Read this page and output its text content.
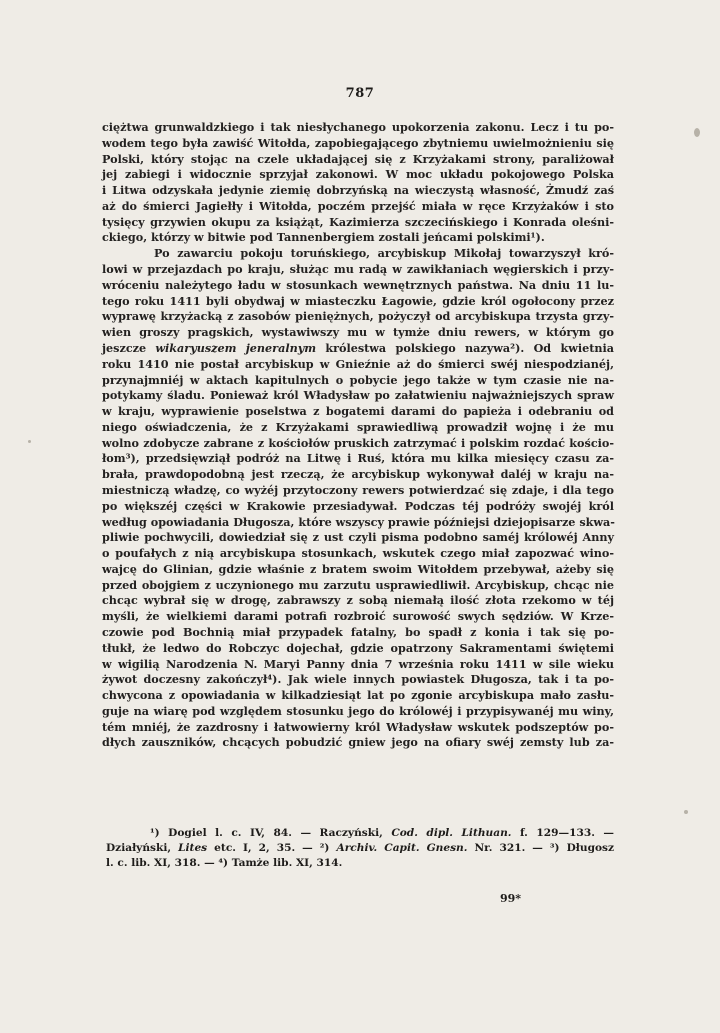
787
ciężtwa grunwaldzkiego i tak niesłychanego upokorzenia zakonu. Lecz i tu po-
wodem tego była zawiść Witołda, zapobiegającego zbytniemu uwielmożnieniu się
Polski, który stojąc na czele układającej się z Krzyżakami strony, paraliżował
jej zabiegi i widocznie sprzyjał zakonowi. W moc układu pokojowego Polska
i Litwa odzyskała jedynie ziemię dobrzyńską na wieczystą własność, Żmudź zaś
aż do śmierci Jagiełły i Witołda, poczém przejść miała w ręce Krzyżaków i sto
tysięcy grzywien okupu za książąt, Kazimierza szczecińskiego i Konrada oleśni-
ckiego, którzy w bitwie pod Tannenbergiem zostali jeńcami polskimi¹).
Po zawarciu pokoju toruńskiego, arcybiskup Mikołaj towarzyszył kró-
lowi w przejazdach po kraju, służąc mu radą w zawikłaniach węgierskich i przy-
wróceniu należytego ładu w stosunkach wewnętrznych państwa. Na dniu 11 lu-
tego roku 1411 byli obydwaj w miasteczku Łagowie, gdzie król ogołocony przez
wyprawę krzyżacką z zasobów pieniężnych, pożyczył od arcybiskupa trzysta grzy-
wien groszy pragskich, wystawiwszy mu w tymże dniu rewers, w którym go
jeszcze wikaryuszem jeneralnym królestwa polskiego nazywa²). Od kwietnia
roku 1410 nie postał arcybiskup w Gnieźnie aż do śmierci swéj niespodzianéj,
przynajmniéj w aktach kapitulnych o pobycie jego także w tym czasie nie na-
potykamy śladu. Ponieważ król Władysław po załatwieniu najważniejszych spraw
w kraju, wyprawienie poselstwa z bogatemi darami do papieża i odebraniu od
niego oświadczenia, że z Krzyżakami sprawiedliwą prowadził wojnę i że mu
wolno zdobycze zabrane z kościołów pruskich zatrzymać i polskim rozdać kościo-
łom³), przedsięwziął podróż na Litwę i Ruś, która mu kilka miesięcy czasu za-
brała, prawdopodobną jest rzeczą, że arcybiskup wykonywał daléj w kraju na-
miestniczą władzę, co wyżéj przytoczony rewers potwierdzać się zdaje, i dla tego
po większéj części w Krakowie przesiadywał. Podczas téj podróży swojéj król
według opowiadania Długosza, które wszyscy prawie późniejsi dziejopisarze skwa-
pliwie pochwycili, dowiedział się z ust czyli pisma podobno saméj królowéj Anny
o poufałych z nią arcybiskupa stosunkach, wskutek czego miał zapozwać wino-
wajcę do Glinian, gdzie właśnie z bratem swoim Witołdem przebywał, ażeby się
przed obojgiem z uczynionego mu zarzutu usprawiedliwił. Arcybiskup, chcąc nie
chcąc wybrał się w drogę, zabrawszy z sobą niemałą ilość złota rzekomo w téj
myśli, że wielkiemi darami potrafi rozbroić surowość swych sędziów. W Krze-
czowie pod Bochnią miał przypadek fatalny, bo spadł z konia i tak się po-
tłukł, że ledwo do Robczyc dojechał, gdzie opatrzony Sakramentami świętemi
w wigilią Narodzenia N. Maryi Panny dnia 7 września roku 1411 w sile wieku
żywot doczesny zakończył⁴). Jak wiele innych powiastek Długosza, tak i ta po-
chwycona z opowiadania w kilkadziesiąt lat po zgonie arcybiskupa mało zasłu-
guje na wiarę pod względem stosunku jego do królowéj i przypisywanéj mu winy,
tém mniéj, że zazdrosny i łatwowierny król Władysław wskutek podszeptów po-
dłych zauszników, chcących pobudzić gniew jego na ofiary swéj zemsty lub za-
¹) Dogiel l. c. IV, 84. — Raczyński, Cod. dipl. Lithuan. f. 129—133. —
Działyński, Lites etc. I, 2, 35. — ²) Archiv. Capit. Gnesn. Nr. 321. — ³) Długosz
l. c. lib. XI, 318. — ⁴) Tamże lib. XI, 314.
99*
